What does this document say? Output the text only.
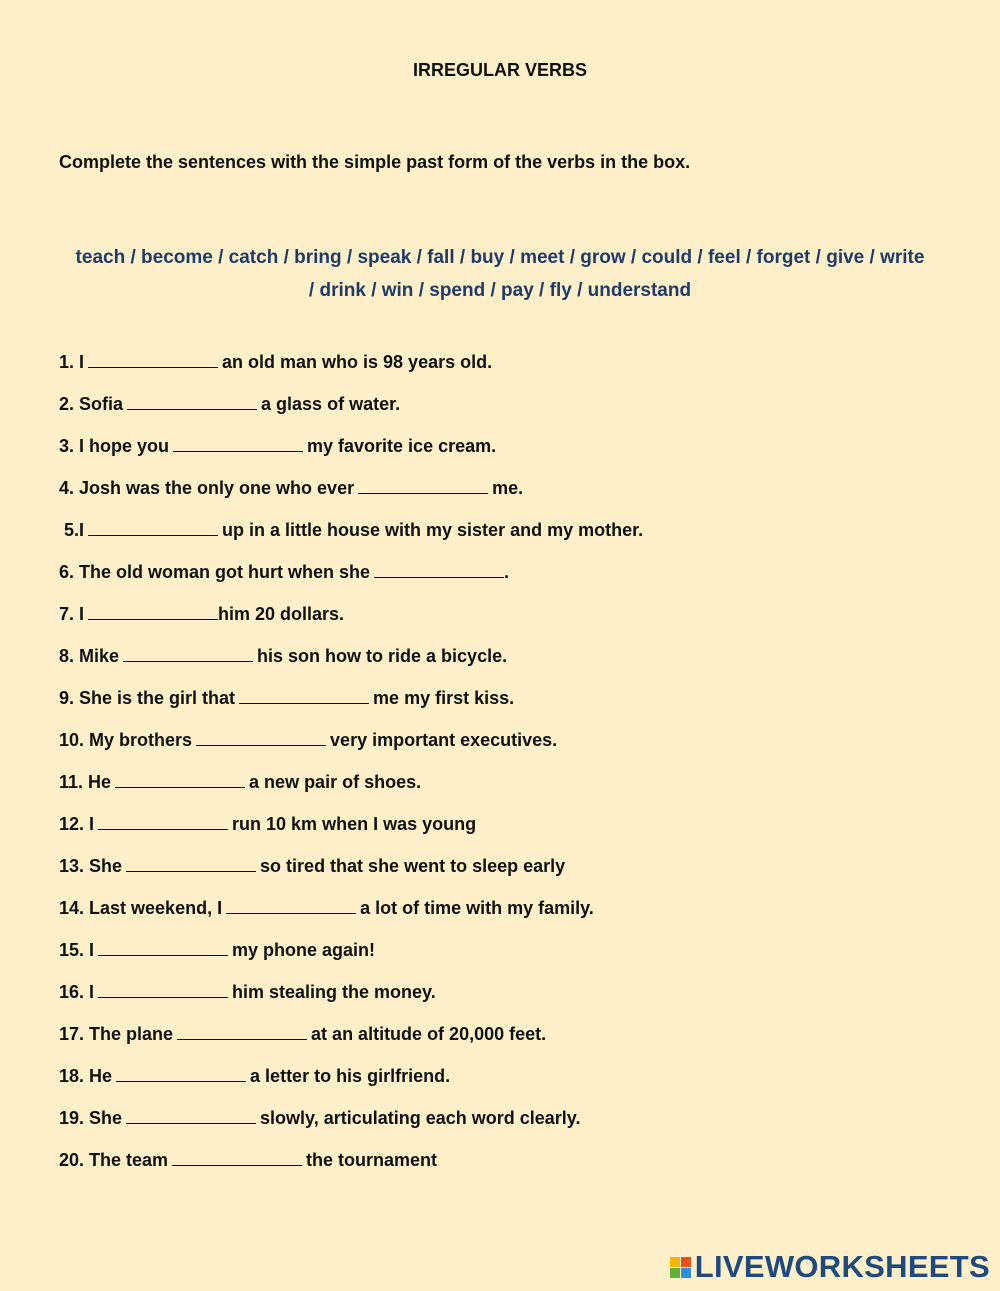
IRREGULAR VERBS
Complete the sentences with the simple past form of the verbs in the box.
teach / become / catch / bring / speak / fall / buy / meet / grow / could / feel / forget / give / write
/ drink / win / spend / pay / fly / understand
1. I	an old man who is 98 years old.
2. Sofia	a glass of water.
3. I hope you	my favorite ice cream.
4. Josh was the only one who ever	me.
5.I	up in a little house with my sister and my mother.
6. The old woman got hurt when she	.
7. I	him 20 dollars.
8. Mike	his son how to ride a bicycle.
9. She is the girl that	me my first kiss.
10. My brothers	very important executives.
11. He	a new pair of shoes.
12. I	run 10 km when I was young
13. She	so tired that she went to sleep early
14. Last weekend, I	a lot of time with my family.
15. I	my phone again!
16. I	him stealing the money.
17. The plane	at an altitude of 20,000 feet.
18. He	a letter to his girlfriend.
19. She	slowly, articulating each word clearly.
20. The team	the tournament
LIVEWORKSHEETS
